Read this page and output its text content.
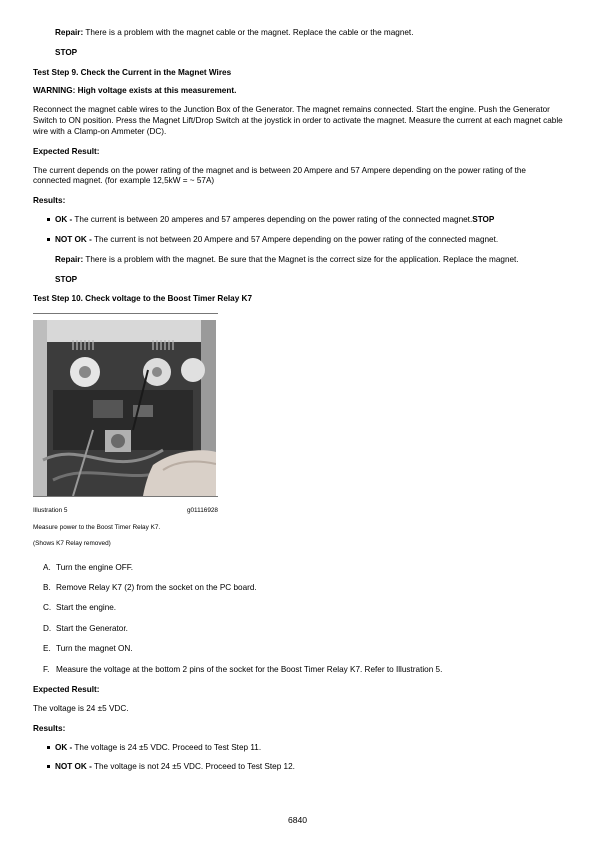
Repair: There is a problem with the magnet cable or the magnet. Replace the cable or the magnet.

STOP
Test Step 9. Check the Current in the Magnet Wires
WARNING: High voltage exists at this measurement.

Reconnect the magnet cable wires to the Junction Box of the Generator. The magnet remains connected. Start the engine. Push the Generator Switch to ON position. Press the Magnet Lift/Drop Switch at the joystick in order to activate the magnet. Measure the current at each magnet cable wire with a Clamp-on Ammeter (DC).

Expected Result:

The current depends on the power rating of the magnet and is between 20 Ampere and 57 Ampere depending on the power rating of the connected magnet. (for example 12,5kW = ~ 57A)

Results:
OK - The current is between 20 amperes and 57 amperes depending on the power rating of the connected magnet.STOP
NOT OK - The current is not between 20 Ampere and 57 Ampere depending on the power rating of the connected magnet.

Repair: There is a problem with the magnet. Be sure that the Magnet is the correct size for the application. Replace the magnet.

STOP
Test Step 10. Check voltage to the Boost Timer Relay K7
Illustration 5	g01116928
Measure power to the Boost Timer Relay K7.
(Shows K7 Relay removed)
A. Turn the engine OFF.
B. Remove Relay K7 (2) from the socket on the PC board.
C. Start the engine.
D. Start the Generator.
E. Turn the magnet ON.
F. Measure the voltage at the bottom 2 pins of the socket for the Boost Timer Relay K7. Refer to Illustration 5.
Expected Result:

The voltage is 24 ±5 VDC.

Results:
OK - The voltage is 24 ±5 VDC. Proceed to Test Step 11.
NOT OK - The voltage is not 24 ±5 VDC. Proceed to Test Step 12.
6840
